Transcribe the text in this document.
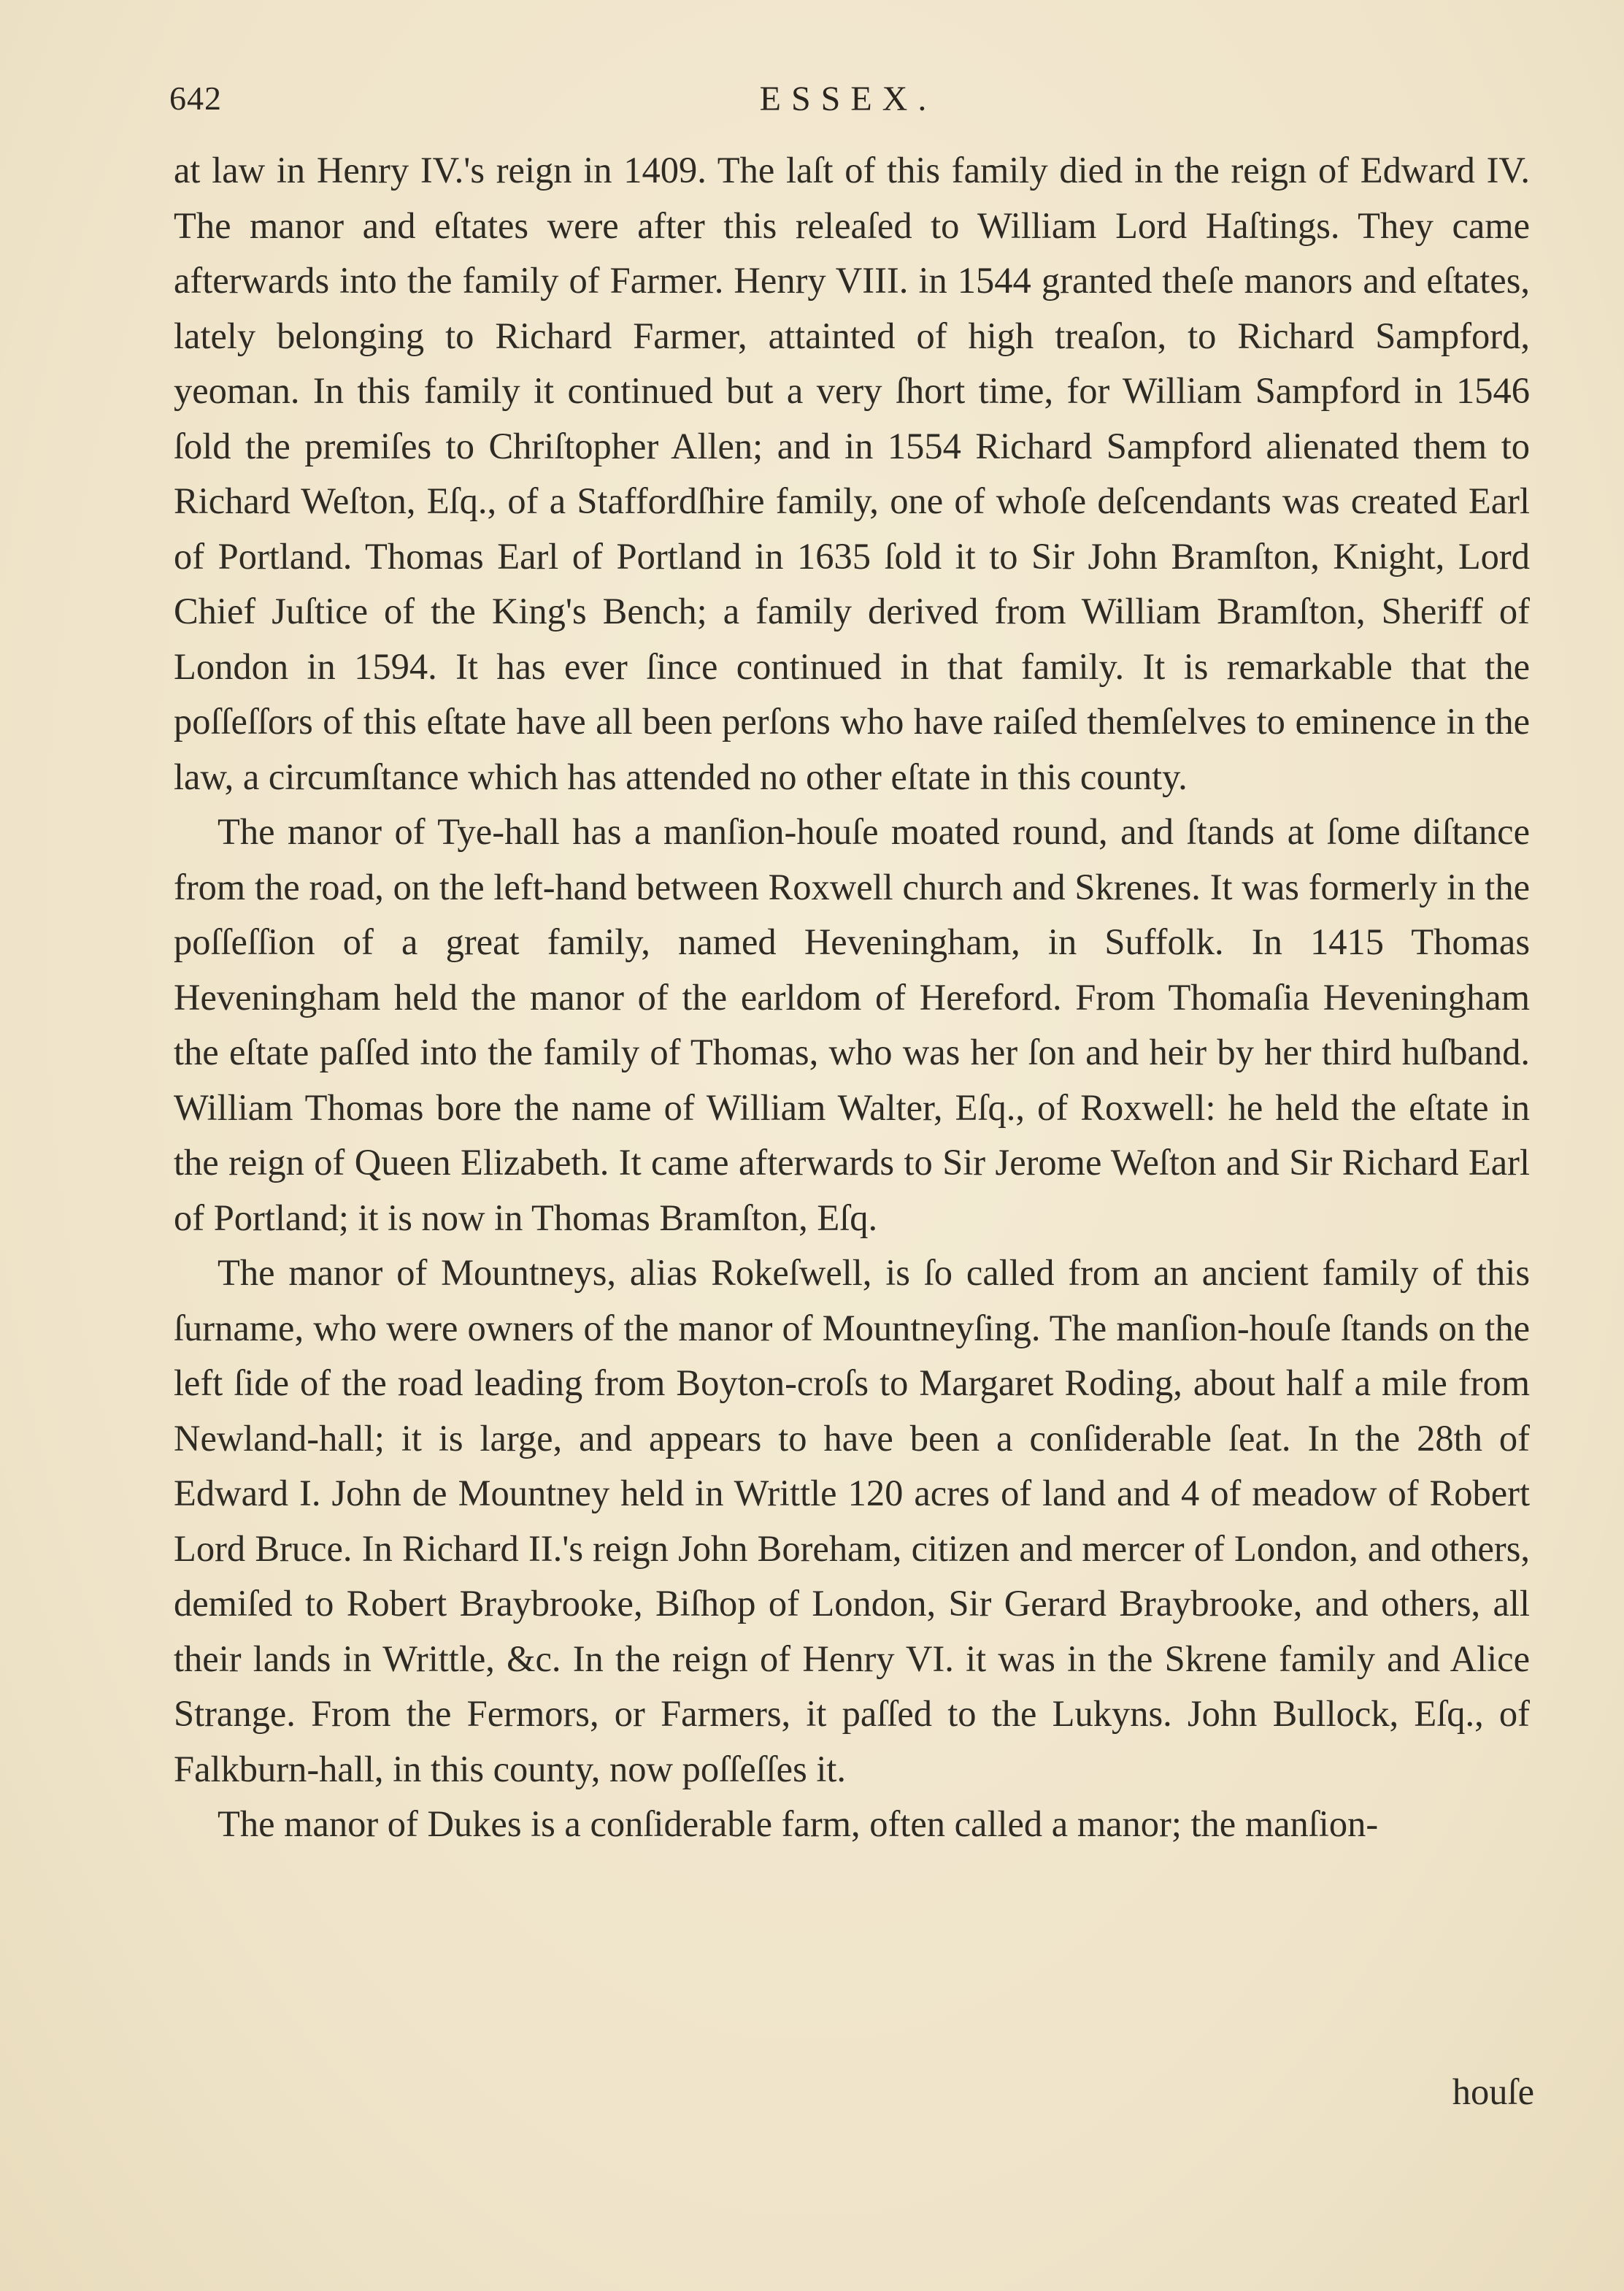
642	ESSEX.

at law in Henry IV.'s reign in 1409. The laſt of this family died in the reign of Edward IV. The manor and eſtates were after this releaſed to William Lord Haſtings. They came afterwards into the family of Farmer. Henry VIII. in 1544 granted theſe manors and eſtates, lately belonging to Richard Farmer, attainted of high treaſon, to Richard Sampford, yeoman. In this family it continued but a very ſhort time, for William Sampford in 1546 ſold the premiſes to Chriſtopher Allen; and in 1554 Richard Sampford alienated them to Richard Weſton, Eſq., of a Staffordſhire family, one of whoſe deſcendants was created Earl of Portland. Thomas Earl of Portland in 1635 ſold it to Sir John Bramſton, Knight, Lord Chief Juſtice of the King's Bench; a family derived from William Bramſton, Sheriff of London in 1594. It has ever ſince continued in that family. It is remarkable that the poſſeſſors of this eſtate have all been perſons who have raiſed themſelves to eminence in the law, a circumſtance which has attended no other eſtate in this county.

The manor of Tye-hall has a manſion-houſe moated round, and ſtands at ſome diſtance from the road, on the left-hand between Roxwell church and Skrenes. It was formerly in the poſſeſſion of a great family, named Heveningham, in Suffolk. In 1415 Thomas Heveningham held the manor of the earldom of Hereford. From Thomaſia Heveningham the eſtate paſſed into the family of Thomas, who was her ſon and heir by her third huſband. William Thomas bore the name of William Walter, Eſq., of Roxwell: he held the eſtate in the reign of Queen Elizabeth. It came afterwards to Sir Jerome Weſton and Sir Richard Earl of Portland; it is now in Thomas Bramſton, Eſq.

The manor of Mountneys, alias Rokeſwell, is ſo called from an ancient family of this ſurname, who were owners of the manor of Mountneyſing. The manſion-houſe ſtands on the left ſide of the road leading from Boyton-croſs to Margaret Roding, about half a mile from Newland-hall; it is large, and appears to have been a conſiderable ſeat. In the 28th of Edward I. John de Mountney held in Writtle 120 acres of land and 4 of meadow of Robert Lord Bruce. In Richard II.'s reign John Boreham, citizen and mercer of London, and others, demiſed to Robert Braybrooke, Biſhop of London, Sir Gerard Braybrooke, and others, all their lands in Writtle, &c. In the reign of Henry VI. it was in the Skrene family and Alice Strange. From the Fermors, or Farmers, it paſſed to the Lukyns. John Bullock, Eſq., of Falkburn-hall, in this county, now poſſeſſes it.

The manor of Dukes is a conſiderable farm, often called a manor; the manſion-

houſe
